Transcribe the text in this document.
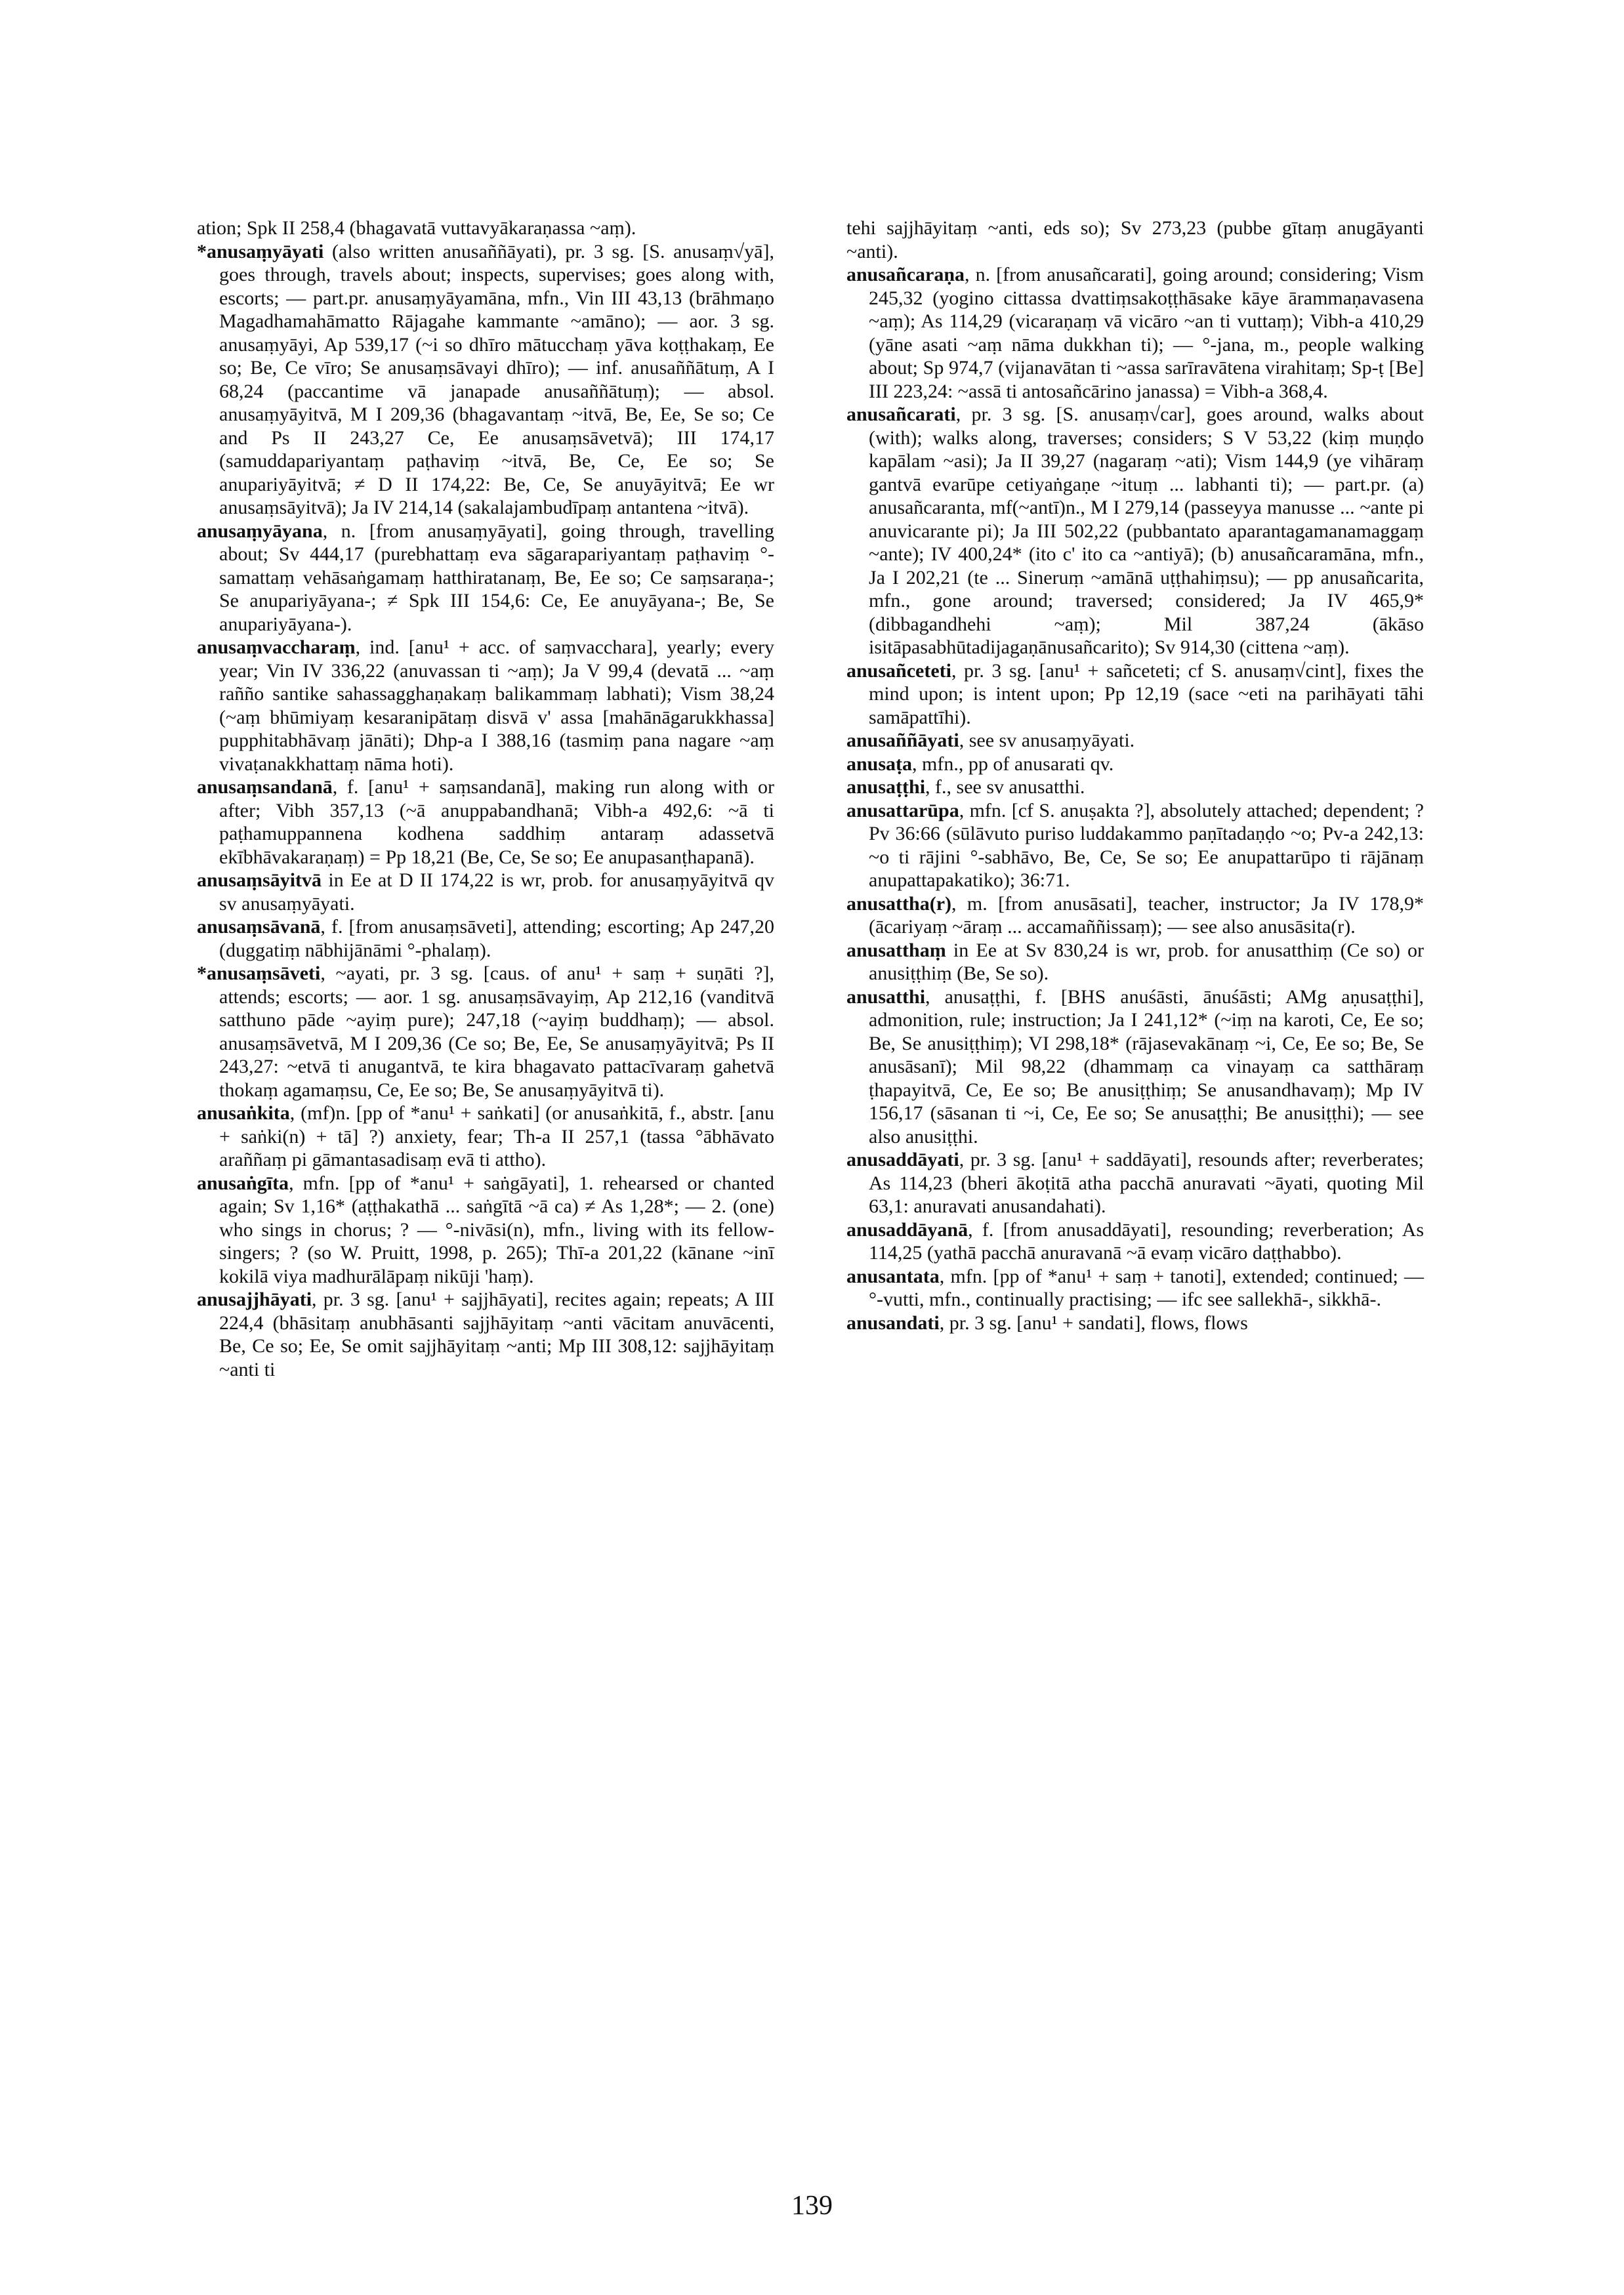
ation; Spk II 258,4 (bhagavatā vuttavyākaraṇassa ~aṃ).

*anusaṃyāyati (also written anusaññāyati), pr. 3 sg. [S. anusaṃ√yā], goes through, travels about; inspects, supervises; goes along with, escorts; — part.pr. anusaṃyāyamāna, mfn., Vin III 43,13 (brāhmaṇo Magadhamahāmatto Rājagahe kammante ~amāno); — aor. 3 sg. anusaṃyāyi, Ap 539,17 (~i so dhīro mātucchaṃ yāva koṭṭhakaṃ, Ee so; Be, Ce vīro; Se anusaṃsāvayi dhīro); — inf. anusaññātuṃ, A I 68,24 (paccantime vā janapade anusaññātuṃ); — absol. anusaṃyāyitvā, M I 209,36 (bhagavantaṃ ~itvā, Be, Ee, Se so; Ce and Ps II 243,27 Ce, Ee anusaṃsāvetvā); III 174,17 (samuddapariyantaṃ paṭhaviṃ ~itvā, Be, Ce, Ee so; Se anupariyāyitvā; ≠ D II 174,22: Be, Ce, Se anuyāyitvā; Ee wr anusaṃsāyitvā); Ja IV 214,14 (sakalajambudīpaṃ antantena ~itvā).

anusaṃyāyana, n. [from anusaṃyāyati], going through, travelling about; Sv 444,17 (purebhattaṃ eva sāgarapariyantaṃ paṭhaviṃ °-samattaṃ vehāsaṅgamaṃ hatthiratanaṃ, Be, Ee so; Ce saṃsaraṇa-; Se anupariyāyana-; ≠ Spk III 154,6: Ce, Ee anuyāyana-; Be, Se anupariyāyana-).

anusaṃvaccharaṃ, ind. [anu¹ + acc. of saṃvacchara], yearly; every year; Vin IV 336,22 (anuvassan ti ~aṃ); Ja V 99,4 (devatā ... ~aṃ rañño santike sahassagghaṇakaṃ balikammaṃ labhati); Vism 38,24 (~aṃ bhūmiyaṃ kesaranipātaṃ disvā v' assa [mahānāgarukkhassa] pupphitabhāvaṃ jānāti); Dhp-a I 388,16 (tasmiṃ pana nagare ~aṃ vivaṭanakkhattaṃ nāma hoti).

anusaṃsandanā, f. [anu¹ + saṃsandanā], making run along with or after; Vibh 357,13 (~ā anuppabandhanā; Vibh-a 492,6: ~ā ti paṭhamuppannena kodhena saddhiṃ antaraṃ adassetvā ekībhāvakaraṇaṃ) = Pp 18,21 (Be, Ce, Se so; Ee anupasanṭhapanā).

anusaṃsāyitvā in Ee at D II 174,22 is wr, prob. for anusaṃyāyitvā qv sv anusaṃyāyati.

anusaṃsāvanā, f. [from anusaṃsāveti], attending; escorting; Ap 247,20 (duggatiṃ nābhijānāmi °-phalaṃ).

*anusaṃsāveti, ~ayati, pr. 3 sg. [caus. of anu¹ + saṃ + suṇāti ?], attends; escorts; — aor. 1 sg. anusaṃsāvayiṃ, Ap 212,16 (vanditvā satthuno pāde ~ayiṃ pure); 247,18 (~ayiṃ buddhaṃ); — absol. anusaṃsāvetvā, M I 209,36 (Ce so; Be, Ee, Se anusaṃyāyitvā; Ps II 243,27: ~etvā ti anugantvā, te kira bhagavato pattacīvaraṃ gahetvā thokaṃ agamaṃsu, Ce, Ee so; Be, Se anusaṃyāyitvā ti).

anusaṅkita, (mf)n. [pp of *anu¹ + saṅkati] (or anusaṅkitā, f., abstr. [anu + saṅki(n) + tā] ?) anxiety, fear; Th-a II 257,1 (tassa °ābhāvato araññaṃ pi gāmantasadisaṃ evā ti attho).

anusaṅgīta, mfn. [pp of *anu¹ + saṅgāyati], 1. rehearsed or chanted again; Sv 1,16* (aṭṭhakathā ... saṅgītā ~ā ca) ≠ As 1,28*; — 2. (one) who sings in chorus; ? — °-nivāsi(n), mfn., living with its fellow-singers; ? (so W. Pruitt, 1998, p. 265); Thī-a 201,22 (kānane ~inī kokilā viya madhurālāpaṃ nikūji 'haṃ).

anusajjhāyati, pr. 3 sg. [anu¹ + sajjhāyati], recites again; repeats; A III 224,4 (bhāsitaṃ anubhāsanti sajjhāyitaṃ ~anti vācitam anuvācenti, Be, Ce so; Ee, Se omit sajjhāyitaṃ ~anti; Mp III 308,12: sajjhāyitaṃ ~anti ti

tehi sajjhāyitaṃ ~anti, eds so); Sv 273,23 (pubbe gītaṃ anugāyanti ~anti).

anusañcaraṇa, n. [from anusañcarati], going around; considering; Vism 245,32 (yogino cittassa dvattiṃsakoṭṭhāsake kāye ārammaṇavasena ~aṃ); As 114,29 (vicaraṇaṃ vā vicāro ~an ti vuttaṃ); Vibh-a 410,29 (yāne asati ~aṃ nāma dukkhan ti); — °-jana, m., people walking about; Sp 974,7 (vijanavātan ti ~assa sarīravātena virahitaṃ; Sp-ṭ [Be] III 223,24: ~assā ti antosañcārino janassa) = Vibh-a 368,4.

anusañcarati, pr. 3 sg. [S. anusaṃ√car], goes around, walks about (with); walks along, traverses; considers; S V 53,22 (kiṃ muṇḍo kapālam ~asi); Ja II 39,27 (nagaraṃ ~ati); Vism 144,9 (ye vihāraṃ gantvā evarūpe cetiyaṅgaṇe ~ituṃ ... labhanti ti); — part.pr. (a) anusañcaranta, mf(~antī)n., M I 279,14 (passeyya manusse ... ~ante pi anuvicarante pi); Ja III 502,22 (pubbantato aparantagamanamaggaṃ ~ante); IV 400,24* (ito c' ito ca ~antiyā); (b) anusañcaramāna, mfn., Ja I 202,21 (te ... Sineruṃ ~amānā uṭṭhahiṃsu); — pp anusañcarita, mfn., gone around; traversed; considered; Ja IV 465,9* (dibbagandhehi ~aṃ); Mil 387,24 (ākāso isitāpasabhūtadijagaṇānusañcarito); Sv 914,30 (cittena ~aṃ).

anusañceteti, pr. 3 sg. [anu¹ + sañceteti; cf S. anusaṃ√cint], fixes the mind upon; is intent upon; Pp 12,19 (sace ~eti na parihāyati tāhi samāpattīhi).

anusaññāyati, see sv anusaṃyāyati.

anusaṭa, mfn., pp of anusarati qv.

anusaṭṭhi, f., see sv anusatthi.

anusattarūpa, mfn. [cf S. anuṣakta ?], absolutely attached; dependent; ? Pv 36:66 (sūlāvuto puriso luddakammo paṇītadaṇḍo ~o; Pv-a 242,13: ~o ti rājini °-sabhāvo, Be, Ce, Se so; Ee anupattarūpo ti rājānaṃ anupattapakatiko); 36:71.

anusattha(r), m. [from anusāsati], teacher, instructor; Ja IV 178,9* (ācariyaṃ ~āraṃ ... accamaññissaṃ); — see also anusāsita(r).

anusatthaṃ in Ee at Sv 830,24 is wr, prob. for anusatthiṃ (Ce so) or anusiṭṭhiṃ (Be, Se so).

anusatthi, anusaṭṭhi, f. [BHS anuśāsti, ānuśāsti; AMg aṇusaṭṭhi], admonition, rule; instruction; Ja I 241,12* (~iṃ na karoti, Ce, Ee so; Be, Se anusiṭṭhiṃ); VI 298,18* (rājasevakānaṃ ~i, Ce, Ee so; Be, Se anusāsanī); Mil 98,22 (dhammaṃ ca vinayaṃ ca satthāraṃ ṭhapayitvā, Ce, Ee so; Be anusiṭṭhiṃ; Se anusandhavaṃ); Mp IV 156,17 (sāsanan ti ~i, Ce, Ee so; Se anusaṭṭhi; Be anusiṭṭhi); — see also anusiṭṭhi.

anusaddāyati, pr. 3 sg. [anu¹ + saddāyati], resounds after; reverberates; As 114,23 (bheri ākoṭitā atha pacchā anuravati ~āyati, quoting Mil 63,1: anuravati anusandahati).

anusaddāyanā, f. [from anusaddāyati], resounding; reverberation; As 114,25 (yathā pacchā anuravanā ~ā evaṃ vicāro daṭṭhabbo).

anusantata, mfn. [pp of *anu¹ + saṃ + tanoti], extended; continued; — °-vutti, mfn., continually practising; — ifc see sallekhā-, sikkhā-.

anusandati, pr. 3 sg. [anu¹ + sandati], flows, flows

139
